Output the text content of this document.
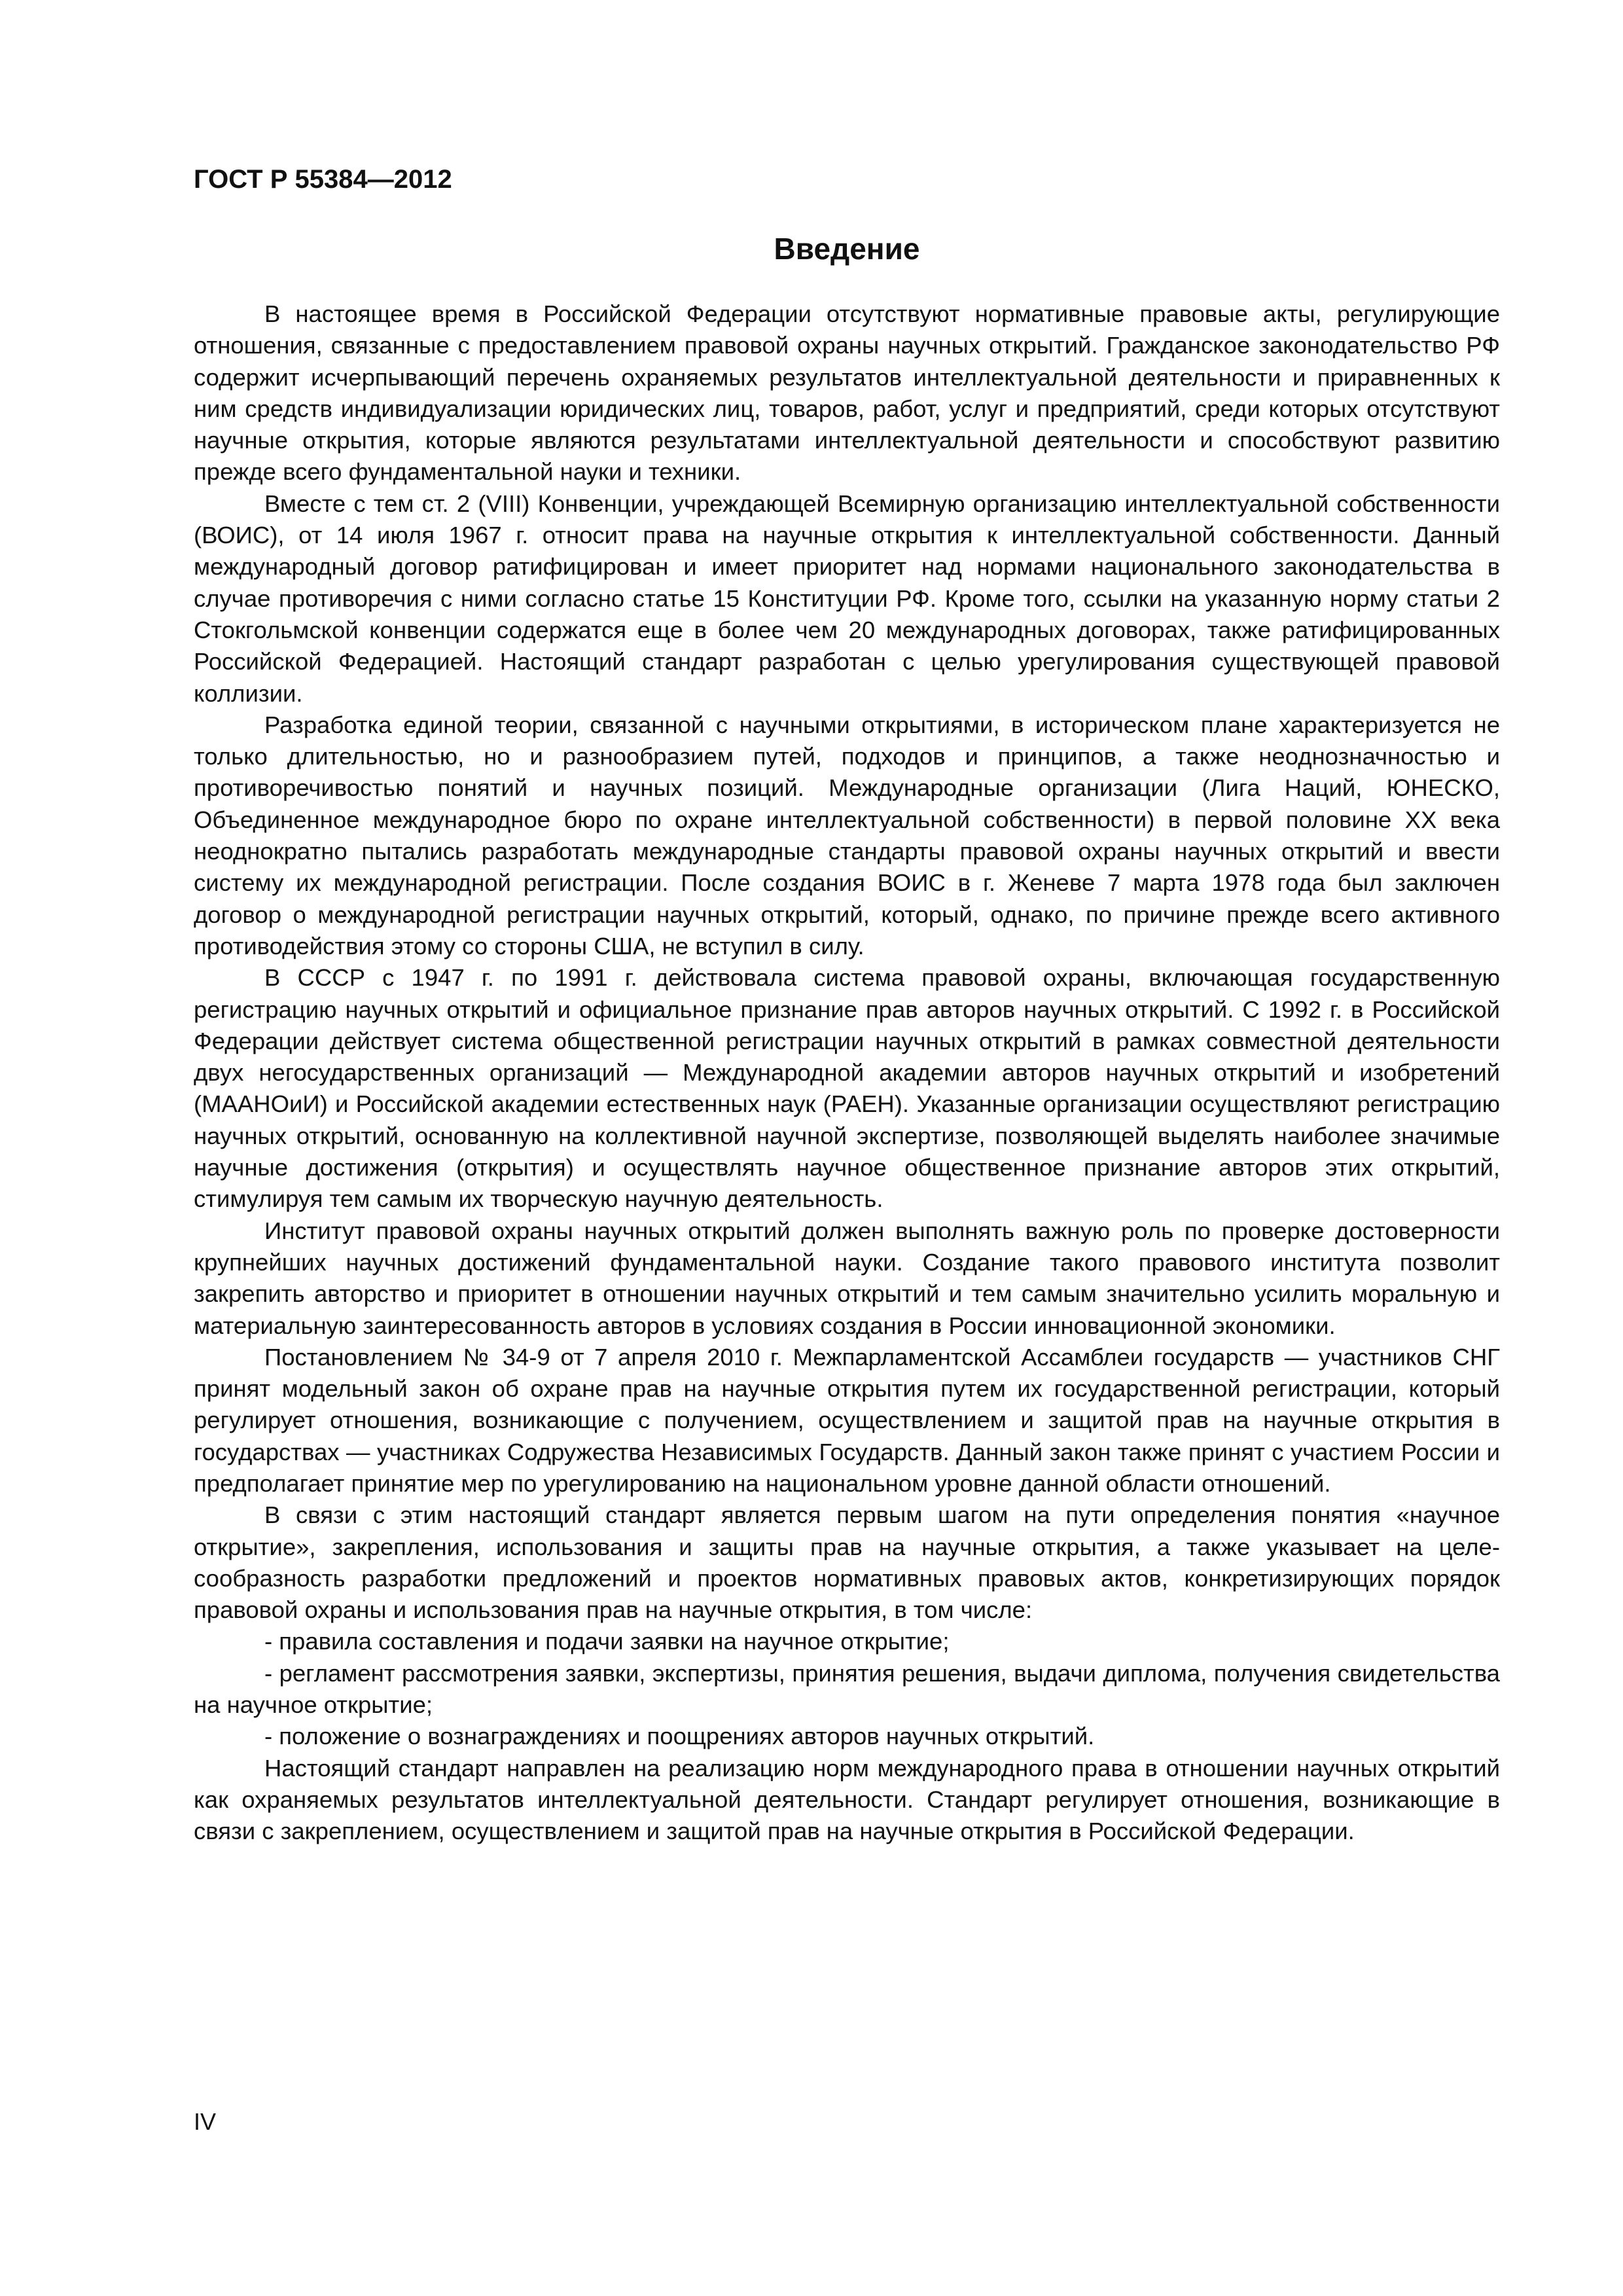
ГОСТ Р 55384—2012
Введение

В настоящее время в Российской Федерации отсутствуют нормативные правовые акты, регулирующие отношения, связанные с предоставлением правовой охраны научных открытий. Гражданское законодательство РФ содержит исчерпывающий перечень охраняемых результатов интеллектуальной деятельности и приравненных к ним средств индивидуализации юридических лиц, товаров, работ, услуг и предприятий, среди которых отсутствуют научные открытия, которые являются результатами интеллектуальной деятельности и способствуют развитию прежде всего фундаментальной науки и техники.

Вместе с тем ст. 2 (VIII) Конвенции, учреждающей Всемирную организацию интеллектуальной собственности (ВОИС), от 14 июля 1967 г. относит права на научные открытия к интеллектуальной собственности. Данный международный договор ратифицирован и имеет приоритет над нормами национального законодательства в случае противоречия с ними согласно статье 15 Конституции РФ. Кроме того, ссылки на указанную норму статьи 2 Стокгольмской конвенции содержатся еще в более чем 20 международных договорах, также ратифицированных Российской Федерацией. Настоящий стандарт разработан с целью урегулирования существующей правовой коллизии.

Разработка единой теории, связанной с научными открытиями, в историческом плане характеризуется не только длительностью, но и разнообразием путей, подходов и принципов, а также неоднозначностью и противоречивостью понятий и научных позиций. Международные организации (Лига Наций, ЮНЕСКО, Объединенное международное бюро по охране интеллектуальной собственности) в первой половине XX века неоднократно пытались разработать международные стандарты правовой охраны научных открытий и ввести систему их международной регистрации. После создания ВОИС в г. Женеве 7 марта 1978 года был заключен договор о международной регистрации научных открытий, который, однако, по причине прежде всего активного противодействия этому со стороны США, не вступил в силу.

В СССР с 1947 г. по 1991 г. действовала система правовой охраны, включающая государственную регистрацию научных открытий и официальное признание прав авторов научных открытий. С 1992 г. в Российской Федерации действует система общественной регистрации научных открытий в рамках совместной деятельности двух негосударственных организаций — Международной академии авторов научных открытий и изобретений (МААНОиИ) и Российской академии естественных наук (РАЕН). Указанные организации осуществляют регистрацию научных открытий, основанную на коллективной научной экспертизе, позволяющей выделять наиболее значимые научные достижения (открытия) и осуществлять научное общественное признание авторов этих открытий, стимулируя тем самым их творческую научную деятельность.

Институт правовой охраны научных открытий должен выполнять важную роль по проверке достоверности крупнейших научных достижений фундаментальной науки. Создание такого правового института позволит закрепить авторство и приоритет в отношении научных открытий и тем самым значительно усилить моральную и материальную заинтересованность авторов в условиях создания в России инновационной экономики.

Постановлением № 34-9 от 7 апреля 2010 г. Межпарламентской Ассамблеи государств — участников СНГ принят модельный закон об охране прав на научные открытия путем их государственной регистрации, который регулирует отношения, возникающие с получением, осуществлением и защитой прав на научные открытия в государствах — участниках Содружества Независимых Государств. Данный закон также принят с участием России и предполагает принятие мер по урегулированию на национальном уровне данной области отношений.

В связи с этим настоящий стандарт является первым шагом на пути определения понятия «научное открытие», закрепления, использования и защиты прав на научные открытия, а также указывает на целесообразность разработки предложений и проектов нормативных правовых актов, конкретизирующих порядок правовой охраны и использования прав на научные открытия, в том числе:

- правила составления и подачи заявки на научное открытие;

- регламент рассмотрения заявки, экспертизы, принятия решения, выдачи диплома, получения свидетельства на научное открытие;

- положение о вознаграждениях и поощрениях авторов научных открытий.

Настоящий стандарт направлен на реализацию норм международного права в отношении научных открытий как охраняемых результатов интеллектуальной деятельности. Стандарт регулирует отношения, возникающие в связи с закреплением, осуществлением и защитой прав на научные открытия в Российской Федерации.

IV
